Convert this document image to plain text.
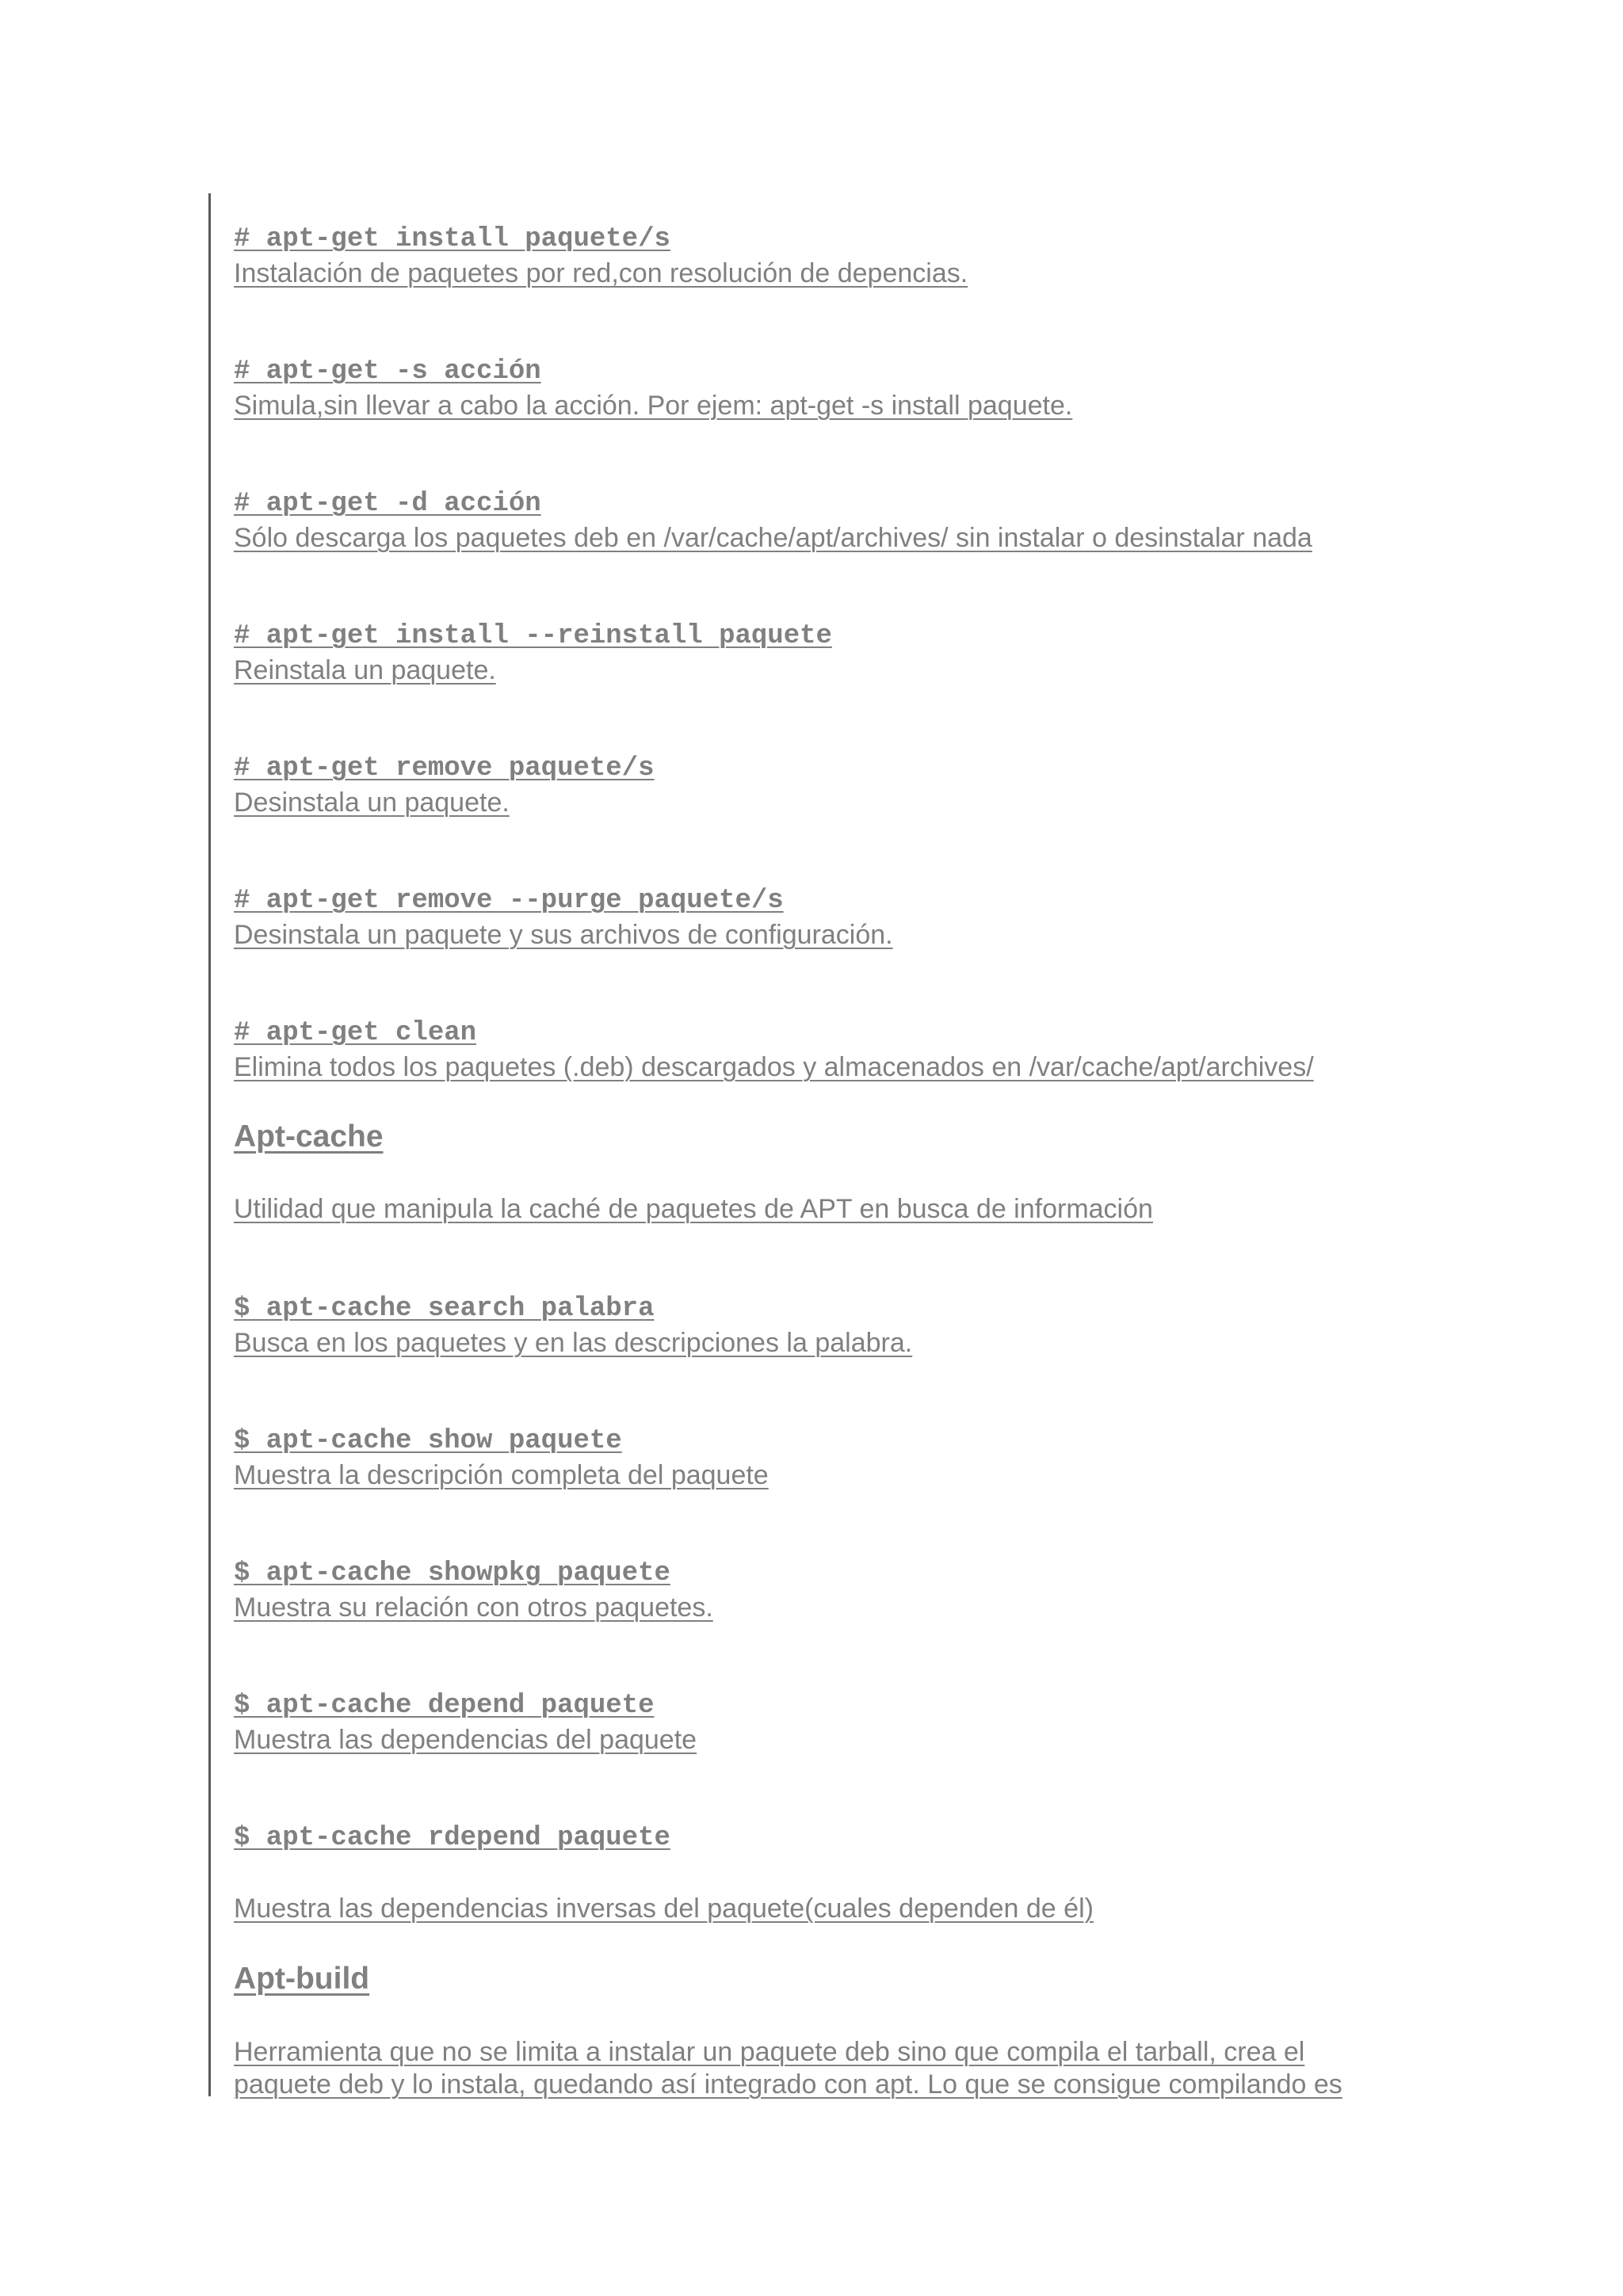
# apt-get install paquete/s
Instalación de paquetes por red,con resolución de depencias.
# apt-get -s acción
Simula,sin llevar a cabo la acción. Por ejem: apt-get -s install paquete.
# apt-get -d acción
Sólo descarga los paquetes deb en /var/cache/apt/archives/ sin instalar o desinstalar nada
# apt-get install --reinstall paquete
Reinstala un paquete.
# apt-get remove paquete/s
Desinstala un paquete.
# apt-get remove --purge paquete/s
Desinstala un paquete y sus archivos de configuración.
# apt-get clean
Elimina todos los paquetes (.deb) descargados y almacenados en /var/cache/apt/archives/
Apt-cache
Utilidad que manipula la caché de paquetes de APT en busca de información
$ apt-cache search palabra
Busca en los paquetes y en las descripciones la palabra.
$ apt-cache show paquete
Muestra la descripción completa del paquete
$ apt-cache showpkg paquete
Muestra su relación con otros paquetes.
$ apt-cache depend paquete
Muestra las dependencias del paquete
$ apt-cache rdepend paquete
Muestra las dependencias inversas del paquete(cuales dependen de él)
Apt-build
Herramienta que no se limita a instalar un paquete deb sino que compila el tarball, crea el
paquete deb y lo instala, quedando así integrado con apt. Lo que se consigue compilando es
